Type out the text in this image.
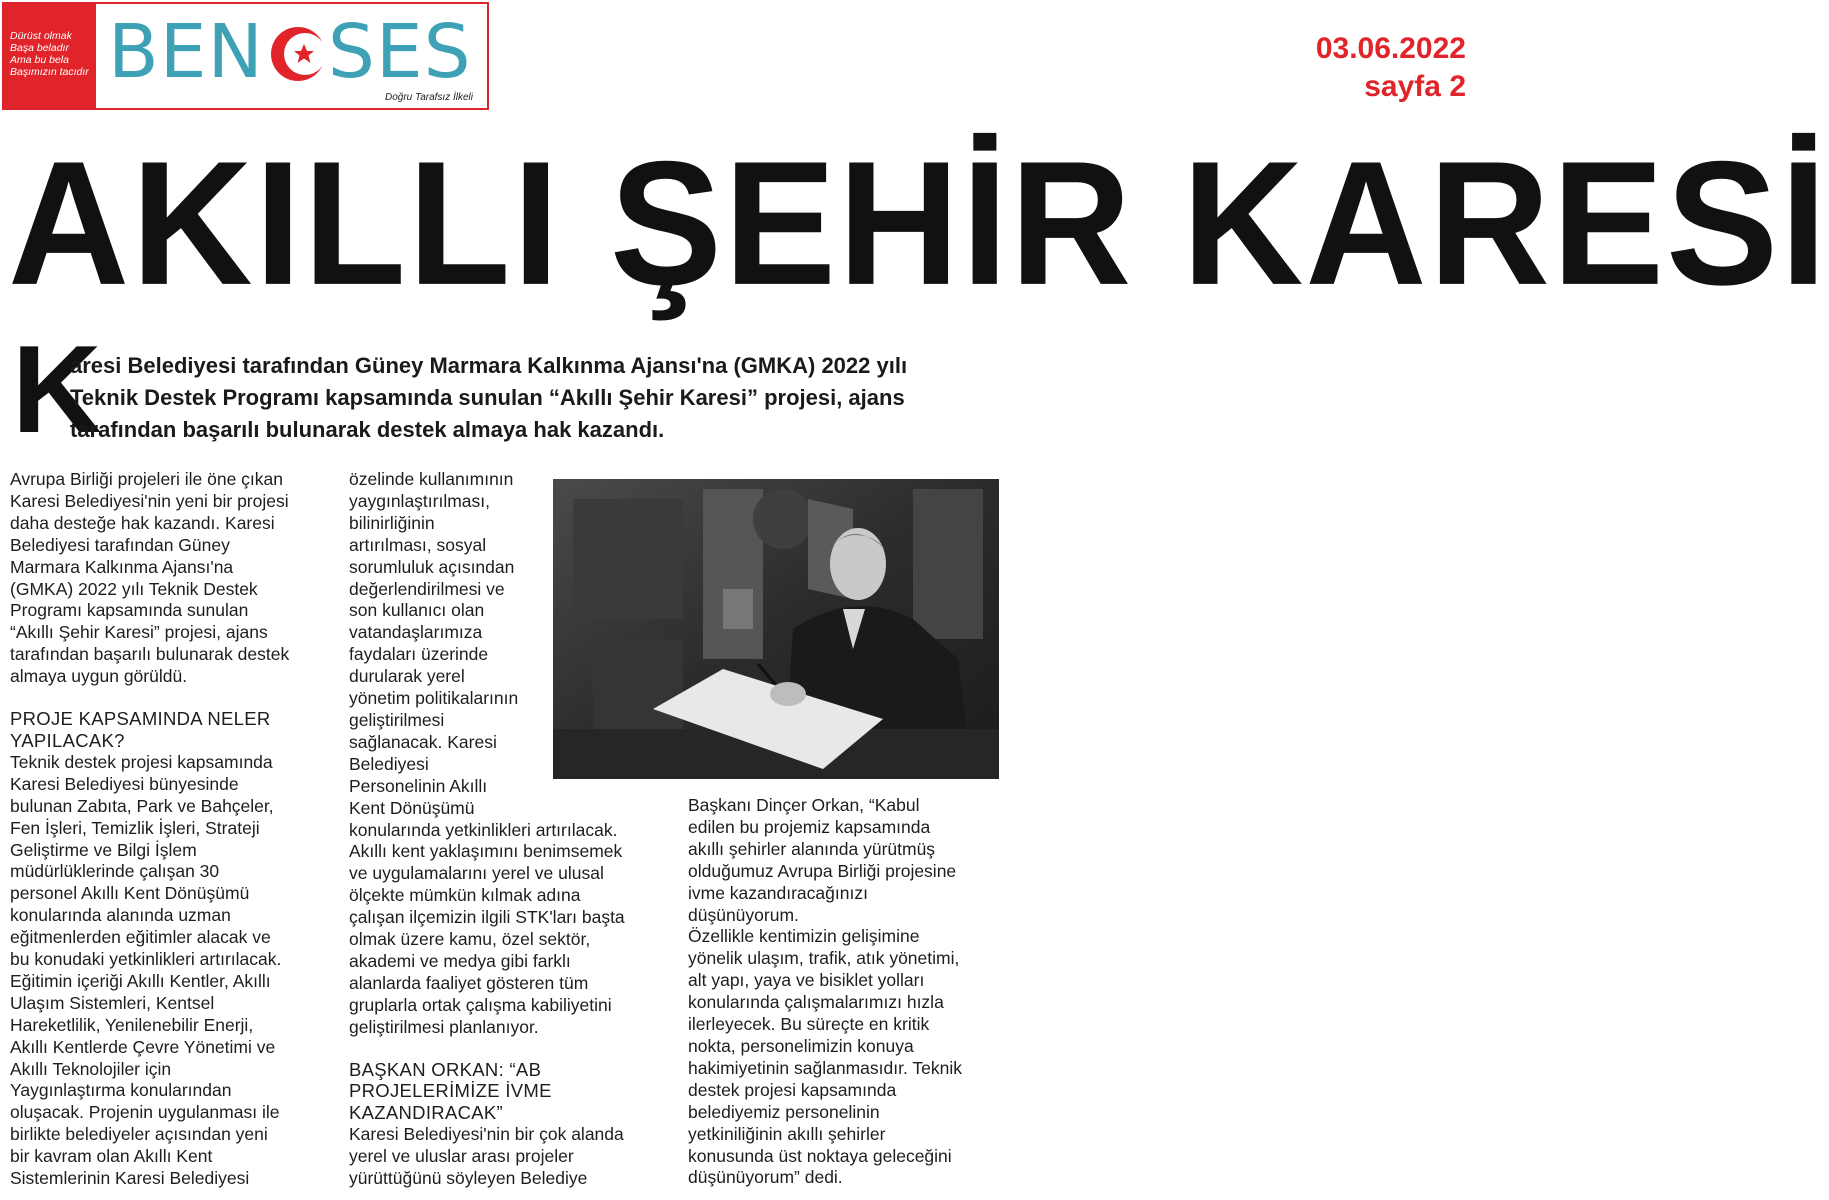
Dürüst olmak
Başa beladır
Ama bu bela
Başımızın tacıdır BEN SES
Doğru Tarafsız İlkeli
03.06.2022
sayfa 2
AKILLI ŞEHİR KARESİ
K
aresi Belediyesi tarafından Güney Marmara Kalkınma Ajansı'na (GMKA) 2022 yılı
Teknik Destek Programı kapsamında sunulan “Akıllı Şehir Karesi” projesi, ajans
tarafından başarılı bulunarak destek almaya hak kazandı.
Avrupa Birliği projeleri ile öne çıkan
Karesi Belediyesi'nin yeni bir projesi
daha desteğe hak kazandı. Karesi
Belediyesi tarafından Güney
Marmara Kalkınma Ajansı'na
(GMKA) 2022 yılı Teknik Destek
Programı kapsamında sunulan
“Akıllı Şehir Karesi” projesi, ajans
tarafından başarılı bulunarak destek
almaya uygun görüldü.
PROJE KAPSAMINDA NELER
YAPILACAK?
Teknik destek projesi kapsamında
Karesi Belediyesi bünyesinde
bulunan Zabıta, Park ve Bahçeler,
Fen İşleri, Temizlik İşleri, Strateji
Geliştirme ve Bilgi İşlem
müdürlüklerinde çalışan 30
personel Akıllı Kent Dönüşümü
konularında alanında uzman
eğitmenlerden eğitimler alacak ve
bu konudaki yetkinlikleri artırılacak.
Eğitimin içeriği Akıllı Kentler, Akıllı
Ulaşım Sistemleri, Kentsel
Hareketlilik, Yenilenebilir Enerji,
Akıllı Kentlerde Çevre Yönetimi ve
Akıllı Teknolojiler için
Yaygınlaştırma konularından
oluşacak. Projenin uygulanması ile
birlikte belediyeler açısından yeni
bir kavram olan Akıllı Kent
Sistemlerinin Karesi Belediyesi
özelinde kullanımının
yaygınlaştırılması,
bilinirliğinin
artırılması, sosyal
sorumluluk açısından
değerlendirilmesi ve
son kullanıcı olan
vatandaşlarımıza
faydaları üzerinde
durularak yerel
yönetim politikalarının
geliştirilmesi
sağlanacak. Karesi
Belediyesi
Personelinin Akıllı
Kent Dönüşümü
konularında yetkinlikleri artırılacak.
Akıllı kent yaklaşımını benimsemek
ve uygulamalarını yerel ve ulusal
ölçekte mümkün kılmak adına
çalışan ilçemizin ilgili STK'ları başta
olmak üzere kamu, özel sektör,
akademi ve medya gibi farklı
alanlarda faaliyet gösteren tüm
gruplarla ortak çalışma kabiliyetini
geliştirilmesi planlanıyor.
BAŞKAN ORKAN: “AB
PROJELERİMİZE İVME
KAZANDIRACAK”
Karesi Belediyesi'nin bir çok alanda
yerel ve uluslar arası projeler
yürüttüğünü söyleyen Belediye
Başkanı Dinçer Orkan, “Kabul
edilen bu projemiz kapsamında
akıllı şehirler alanında yürütmüş
olduğumuz Avrupa Birliği projesine
ivme kazandıracağınızı
düşünüyorum.
Özellikle kentimizin gelişimine
yönelik ulaşım, trafik, atık yönetimi,
alt yapı, yaya ve bisiklet yolları
konularında çalışmalarımızı hızla
ilerleyecek. Bu süreçte en kritik
nokta, personelimizin konuya
hakimiyetinin sağlanmasıdır. Teknik
destek projesi kapsamında
belediyemiz personelinin
yetkiniliğinin akıllı şehirler
konusunda üst noktaya geleceğini
düşünüyorum” dedi.
